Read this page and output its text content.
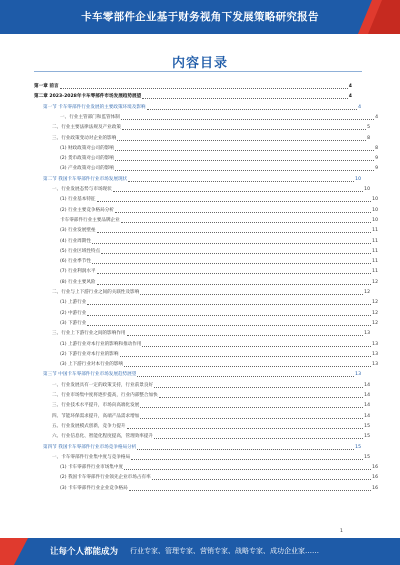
卡车零部件企业基于财务视角下发展策略研究报告
内容目录
第一章 前言	4
第二章 2023-2028年卡车零部件市场发展趋势展望	4
第一节 卡车零部件行业发展的主要政策环境及影响	4
一、行业主管部门和监管体制	4
二、行业主要法律法规及产业政策	5
三、行业政策变动对企业的影响	8
(1) 财政政策对公司的影响	8
(2) 货币政策对公司的影响	9
(3) 产业政策对公司的影响	9
第二节 我国卡车零部件行业市场发展现状	10
一、行业发展态势与市场现状	10
(1) 行业基本特征	10
(2) 行业主要竞争格局分析	10
卡车零部件行业主要品牌企业	10
(3) 行业发展壁垒	11
(4) 行业周期性	11
(5) 行业区域性特点	11
(6) 行业季节性	11
(7) 行业利润水平	11
(8) 行业主要风险	12
二、行业与上下游行业之间的关联性及影响	12
(1) 上游行业	12
(2) 中游行业	12
(3) 下游行业	12
三、行业上下游行业之间的影响作用	13
(1) 上游行业对本行业的影响和推动作用	13
(2) 下游行业对本行业的影响	13
(3) 上下游行业对本行业的影响	13
第三节 中国卡车零部件行业市场发展趋势展望	13
一、行业发展具有一定的政策支持，行业前景良好	14
二、行业市场集中度将逐步提高，行业内部整合加快	14
三、行业技术水平提升，市场向高端化发展	14
四、节能环保需求提升，高端产品需求增加	14
五、行业发展模式创新，竞争力提升	15
六、行业信息化、智能化程度提高，管理效率提升	15
第四节 我国卡车零部件行业市场竞争格局分析	15
一、卡车零部件行业集中度与竞争格局	15
(1) 卡车零部件行业市场集中度	16
(2) 我国卡车零部件行业领先企业市场占有率	16
(3) 卡车零部件行业企业竞争格局	16
让每个人都能成为 行业专家、管理专家、营销专家、战略专家、成功企业家……
1
